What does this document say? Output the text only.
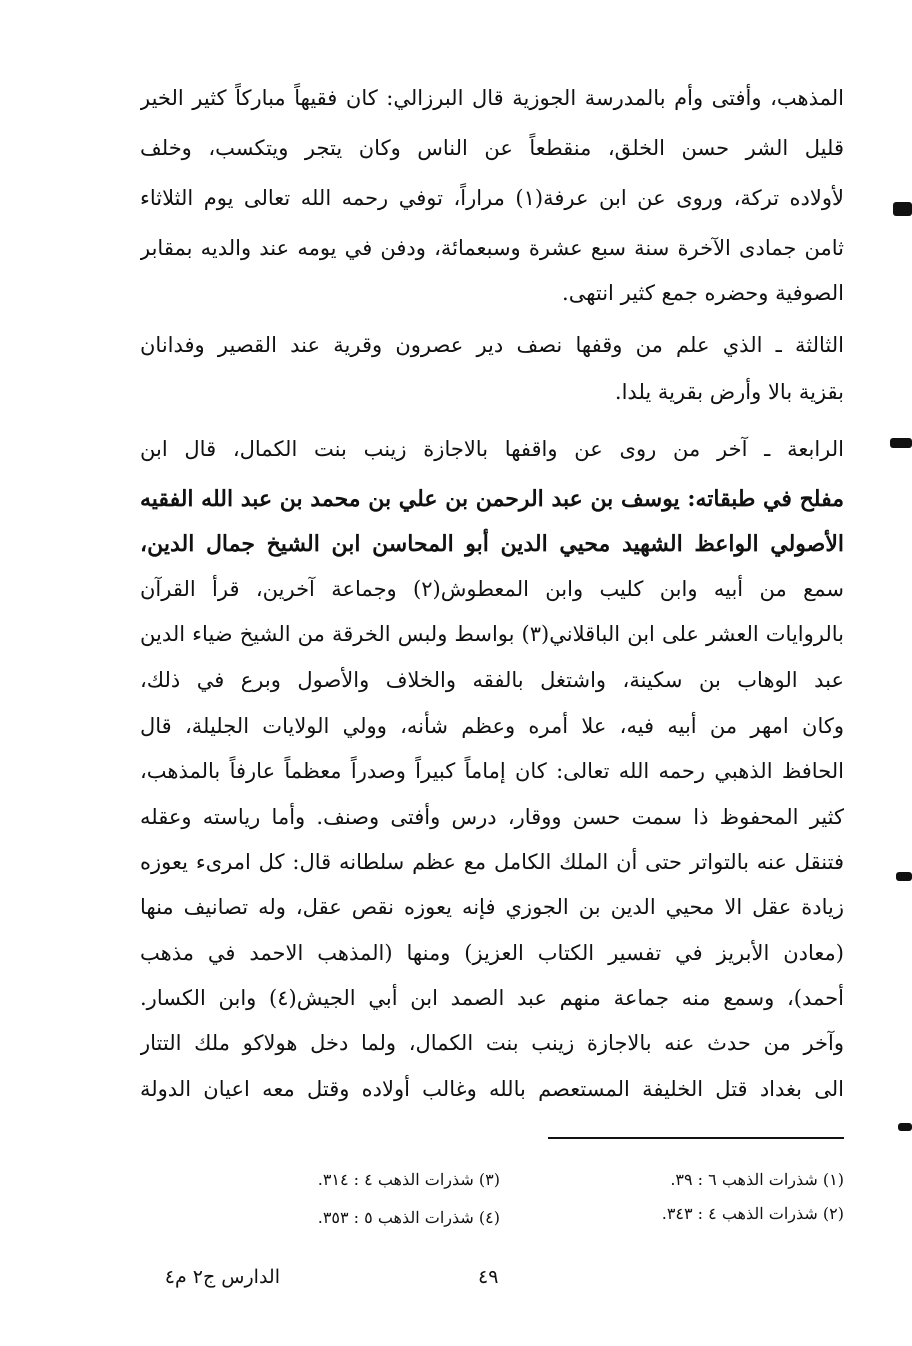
المذهب، وأفتى وأم بالمدرسة الجوزية قال البرزالي: كان فقيهاً مباركاً كثير الخير
قليل الشر حسن الخلق، منقطعاً عن الناس وكان يتجر ويتكسب، وخلف
لأولاده تركة، وروى عن ابن عرفة(١) مراراً، توفي رحمه الله تعالى يوم الثلاثاء
ثامن جمادى الآخرة سنة سبع عشرة وسبعمائة، ودفن في يومه عند والديه بمقابر
الصوفية وحضره جمع كثير انتهى.
الثالثة ـ الذي علم من وقفها نصف دير عصرون وقرية عند القصير وفدانان
بقزية بالا وأرض بقرية يلدا.
الرابعة ـ آخر من روى عن واقفها بالاجازة زينب بنت الكمال، قال ابن
مفلح في طبقاته: يوسف بن عبد الرحمن بن علي بن محمد بن عبد الله الفقيه
الأصولي الواعظ الشهيد محيي الدين أبو المحاسن ابن الشيخ جمال الدين،
سمع من أبيه وابن كليب وابن المعطوش(٢) وجماعة آخرين، قرأ القرآن
بالروايات العشر على ابن الباقلاني(٣) بواسط ولبس الخرقة من الشيخ ضياء الدين
عبد الوهاب بن سكينة، واشتغل بالفقه والخلاف والأصول وبرع في ذلك،
وكان امهر من أبيه فيه، علا أمره وعظم شأنه، وولي الولايات الجليلة، قال
الحافظ الذهبي رحمه الله تعالى: كان إماماً كبيراً وصدراً معظماً عارفاً بالمذهب،
كثير المحفوظ ذا سمت حسن ووقار، درس وأفتى وصنف. وأما رياسته وعقله
فتنقل عنه بالتواتر حتى أن الملك الكامل مع عظم سلطانه قال: كل امرىء يعوزه
زيادة عقل الا محيي الدين بن الجوزي فإنه يعوزه نقص عقل، وله تصانيف منها
(معادن الأبريز في تفسير الكتاب العزيز) ومنها (المذهب الاحمد في مذهب
أحمد)، وسمع منه جماعة منهم عبد الصمد ابن أبي الجيش(٤) وابن الكسار.
وآخر من حدث عنه بالاجازة زينب بنت الكمال، ولما دخل هولاكو ملك التتار
الى بغداد قتل الخليفة المستعصم بالله وغالب أولاده وقتل معه اعيان الدولة
(١) شذرات الذهب ٦ : ٣٩.
(٣) شذرات الذهب ٤ : ٣١٤.
(٢) شذرات الذهب ٤ : ٣٤٣.
(٤) شذرات الذهب ٥ : ٣٥٣.
٤٩
الدارس ج٢ م٤
